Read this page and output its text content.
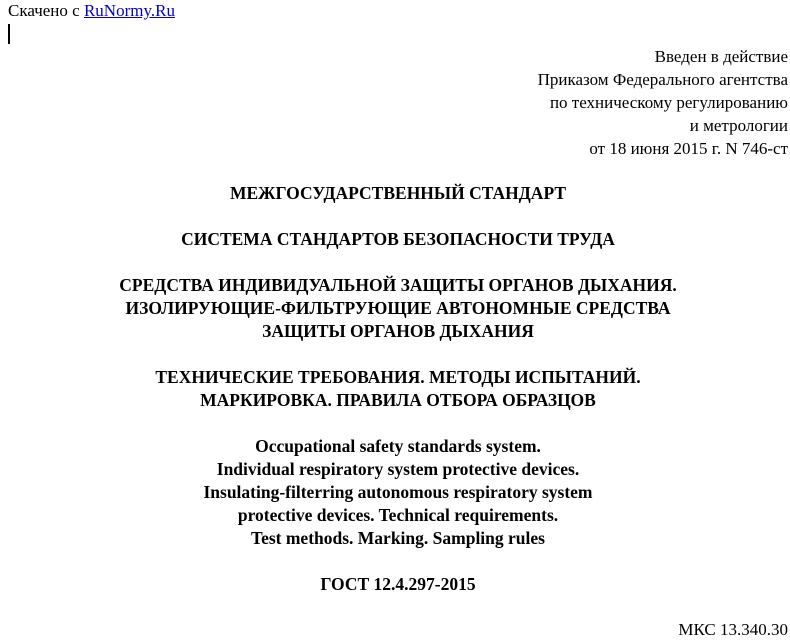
Скачено с RuNormy.Ru
Введен в действие
Приказом Федерального агентства
по техническому регулированию
и метрологии
от 18 июня 2015 г. N 746-ст
МЕЖГОСУДАРСТВЕННЫЙ СТАНДАРТ
СИСТЕМА СТАНДАРТОВ БЕЗОПАСНОСТИ ТРУДА
СРЕДСТВА ИНДИВИДУАЛЬНОЙ ЗАЩИТЫ ОРГАНОВ ДЫХАНИЯ.
ИЗОЛИРУЮЩИЕ-ФИЛЬТРУЮЩИЕ АВТОНОМНЫЕ СРЕДСТВА
ЗАЩИТЫ ОРГАНОВ ДЫХАНИЯ
ТЕХНИЧЕСКИЕ ТРЕБОВАНИЯ. МЕТОДЫ ИСПЫТАНИЙ.
МАРКИРОВКА. ПРАВИЛА ОТБОРА ОБРАЗЦОВ
Occupational safety standards system.
Individual respiratory system protective devices.
Insulating-filterring autonomous respiratory system
protective devices. Technical requirements.
Test methods. Marking. Sampling rules
ГОСТ 12.4.297-2015
МКС 13.340.30
